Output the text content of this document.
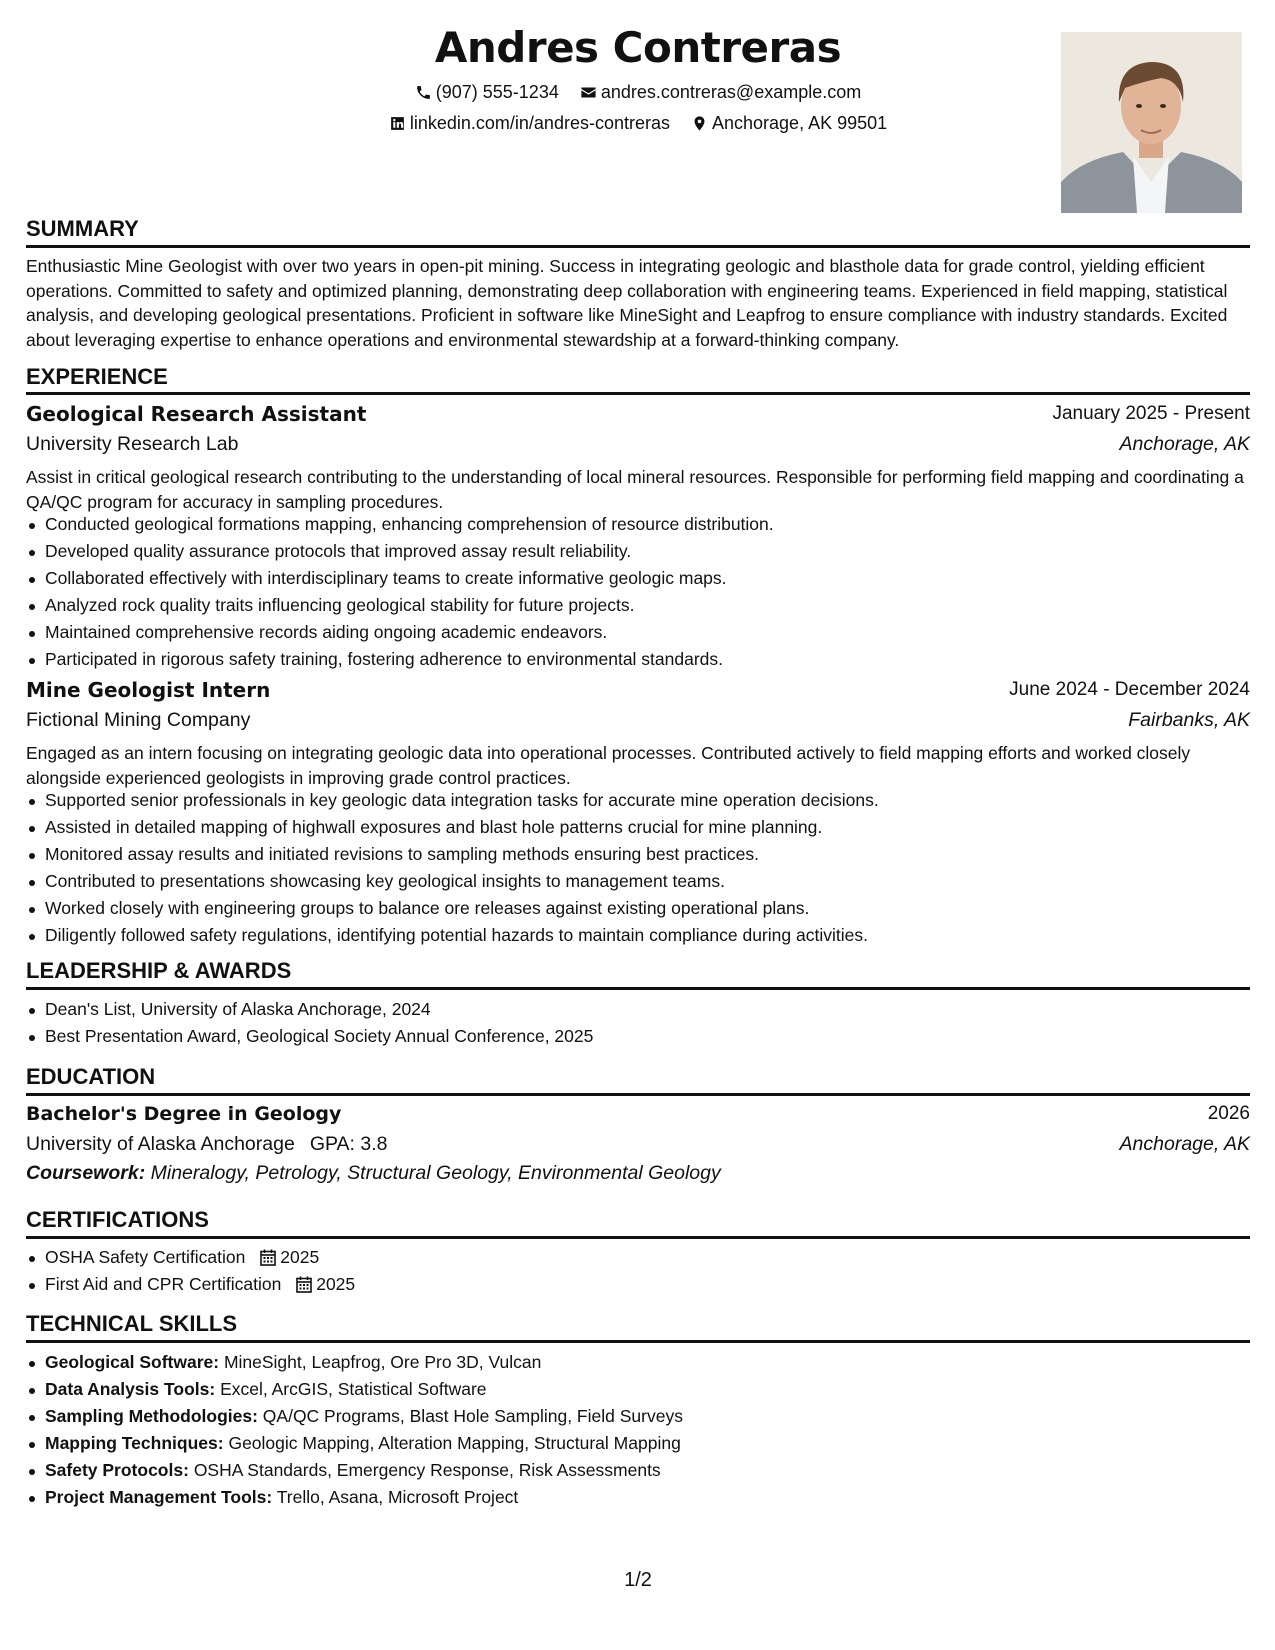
Andres Contreras
(907) 555-1234
andres.contreras@example.com
linkedin.com/in/andres-contreras
Anchorage, AK 99501
SUMMARY

Enthusiastic Mine Geologist with over two years in open-pit mining. Success in integrating geologic and blasthole data for grade control, yielding efficient operations. Committed to safety and optimized planning, demonstrating deep collaboration with engineering teams. Experienced in field mapping, statistical analysis, and developing geological presentations. Proficient in software like MineSight and Leapfrog to ensure compliance with industry standards. Excited about leveraging expertise to enhance operations and environmental stewardship at a forward-thinking company.

EXPERIENCE
Geological Research Assistant	January 2025 - Present
University Research Lab	Anchorage, AK

Assist in critical geological research contributing to the understanding of local mineral resources. Responsible for performing field mapping and coordinating a QA/QC program for accuracy in sampling procedures.

Conducted geological formations mapping, enhancing comprehension of resource distribution.
Developed quality assurance protocols that improved assay result reliability.
Collaborated effectively with interdisciplinary teams to create informative geologic maps.
Analyzed rock quality traits influencing geological stability for future projects.
Maintained comprehensive records aiding ongoing academic endeavors.
Participated in rigorous safety training, fostering adherence to environmental standards.
Mine Geologist Intern	June 2024 - December 2024
Fictional Mining Company	Fairbanks, AK

Engaged as an intern focusing on integrating geologic data into operational processes. Contributed actively to field mapping efforts and worked closely alongside experienced geologists in improving grade control practices.

Supported senior professionals in key geologic data integration tasks for accurate mine operation decisions.
Assisted in detailed mapping of highwall exposures and blast hole patterns crucial for mine planning.
Monitored assay results and initiated revisions to sampling methods ensuring best practices.
Contributed to presentations showcasing key geological insights to management teams.
Worked closely with engineering groups to balance ore releases against existing operational plans.
Diligently followed safety regulations, identifying potential hazards to maintain compliance during activities.
LEADERSHIP & AWARDS
Dean's List, University of Alaska Anchorage, 2024
Best Presentation Award, Geological Society Annual Conference, 2025
EDUCATION
Bachelor's Degree in Geology	2026
University of Alaska Anchorage GPA: 3.8	Anchorage, AK
Coursework: Mineralogy, Petrology, Structural Geology, Environmental Geology
CERTIFICATIONS
OSHA Safety Certification 2025
First Aid and CPR Certification 2025
TECHNICAL SKILLS
Geological Software: MineSight, Leapfrog, Ore Pro 3D, Vulcan
Data Analysis Tools: Excel, ArcGIS, Statistical Software
Sampling Methodologies: QA/QC Programs, Blast Hole Sampling, Field Surveys
Mapping Techniques: Geologic Mapping, Alteration Mapping, Structural Mapping
Safety Protocols: OSHA Standards, Emergency Response, Risk Assessments
Project Management Tools: Trello, Asana, Microsoft Project
1/2
